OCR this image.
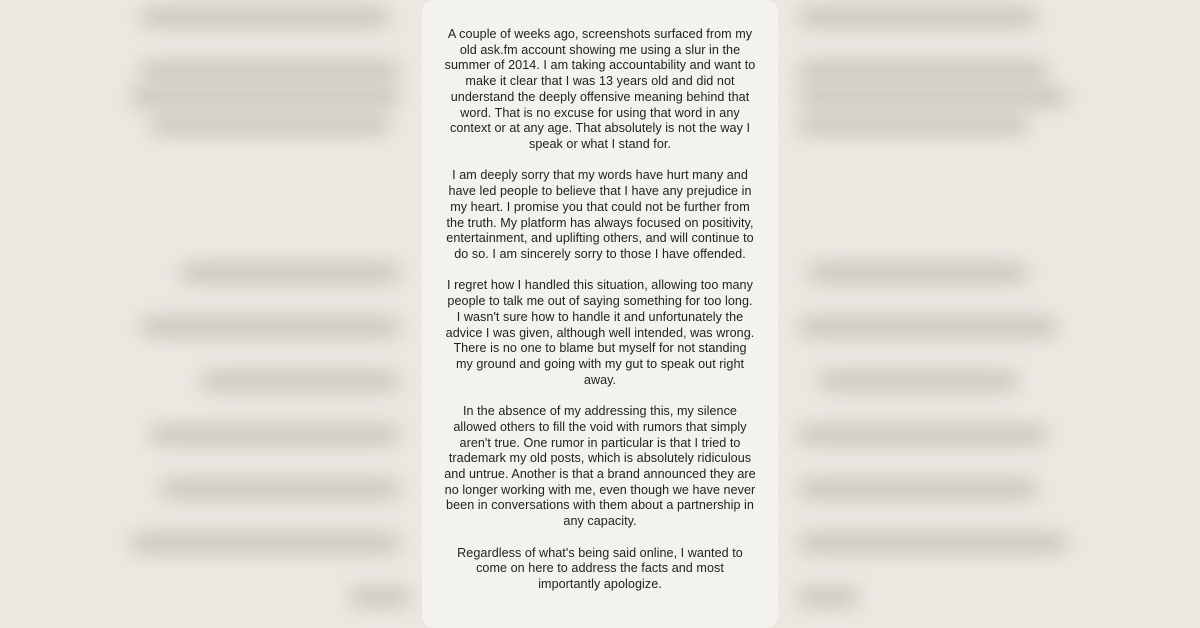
A couple of weeks ago, screenshots surfaced from my old ask.fm account showing me using a slur in the summer of 2014. I am taking accountability and want to make it clear that I was 13 years old and did not understand the deeply offensive meaning behind that word. That is no excuse for using that word in any context or at any age. That absolutely is not the way I speak or what I stand for.

I am deeply sorry that my words have hurt many and have led people to believe that I have any prejudice in my heart. I promise you that could not be further from the truth. My platform has always focused on positivity, entertainment, and uplifting others, and will continue to do so. I am sincerely sorry to those I have offended.

I regret how I handled this situation, allowing too many people to talk me out of saying something for too long. I wasn't sure how to handle it and unfortunately the advice I was given, although well intended, was wrong. There is no one to blame but myself for not standing my ground and going with my gut to speak out right away.

In the absence of my addressing this, my silence allowed others to fill the void with rumors that simply aren't true. One rumor in particular is that I tried to trademark my old posts, which is absolutely ridiculous and untrue. Another is that a brand announced they are no longer working with me, even though we have never been in conversations with them about a partnership in any capacity.

Regardless of what's being said online, I wanted to come on here to address the facts and most importantly apologize.
